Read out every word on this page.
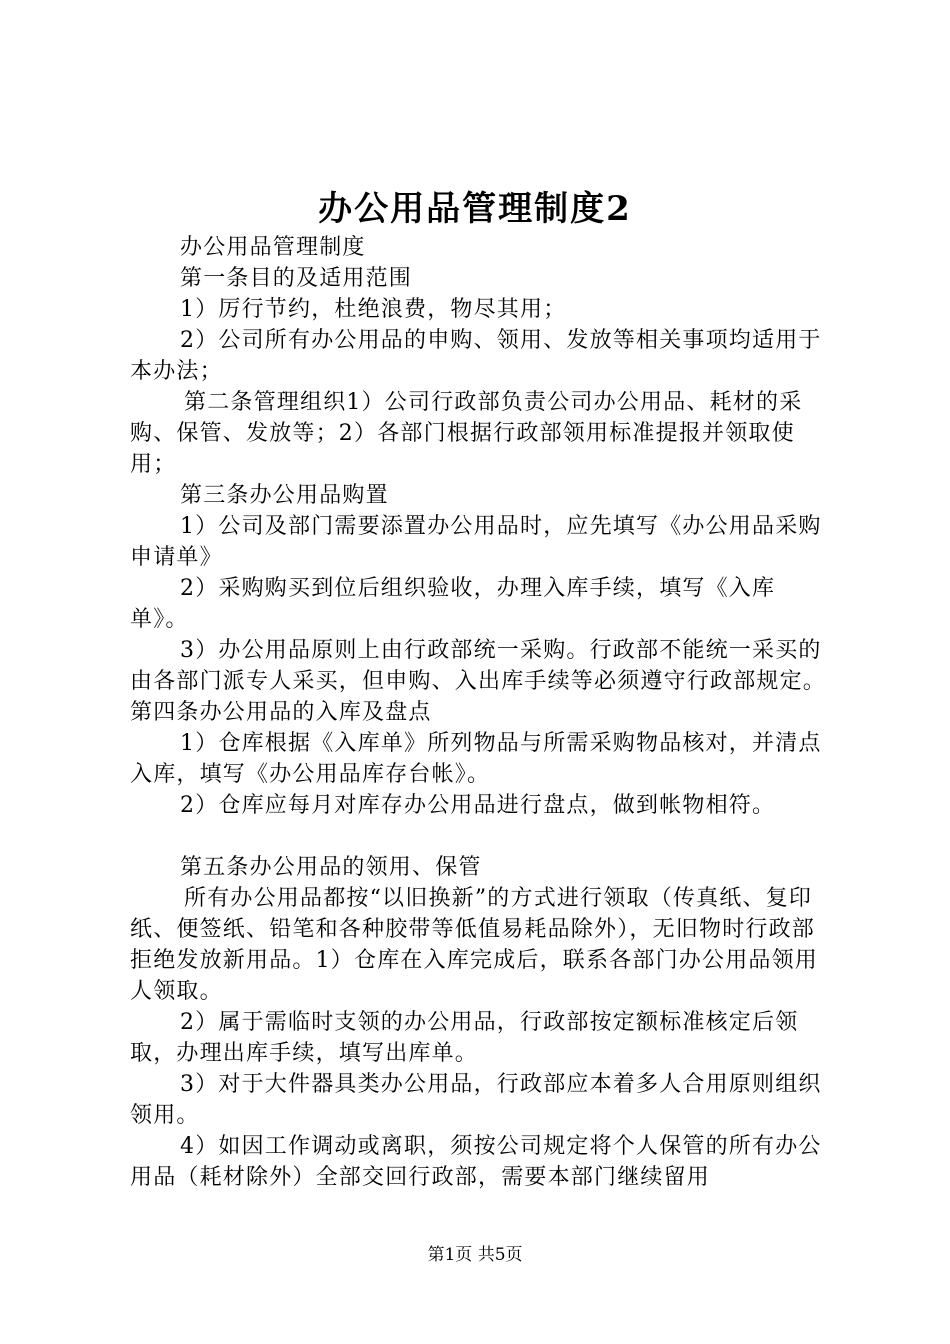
办公用品管理制度2

办公用品管理制度

第一条目的及适用范围

1）厉行节约，杜绝浪费，物尽其用；

2）公司所有办公用品的申购、领用、发放等相关事项均适用于本办法；

第二条管理组织1）公司行政部负责公司办公用品、耗材的采购、保管、发放等；2）各部门根据行政部领用标准提报并领取使用；

第三条办公用品购置

1）公司及部门需要添置办公用品时，应先填写《办公用品采购申请单》

2）采购购买到位后组织验收，办理入库手续，填写《入库单》。

3）办公用品原则上由行政部统一采购。行政部不能统一采买的由各部门派专人采买，但申购、入出库手续等必须遵守行政部规定。第四条办公用品的入库及盘点

1）仓库根据《入库单》所列物品与所需采购物品核对，并清点入库，填写《办公用品库存台帐》。

2）仓库应每月对库存办公用品进行盘点，做到帐物相符。

第五条办公用品的领用、保管

所有办公用品都按“以旧换新”的方式进行领取（传真纸、复印纸、便签纸、铅笔和各种胶带等低值易耗品除外），无旧物时行政部拒绝发放新用品。1）仓库在入库完成后，联系各部门办公用品领用人领取。

2）属于需临时支领的办公用品，行政部按定额标准核定后领取，办理出库手续，填写出库单。

3）对于大件器具类办公用品，行政部应本着多人合用原则组织领用。

4）如因工作调动或离职，须按公司规定将个人保管的所有办公用品（耗材除外）全部交回行政部，需要本部门继续留用

第1页 共5页
